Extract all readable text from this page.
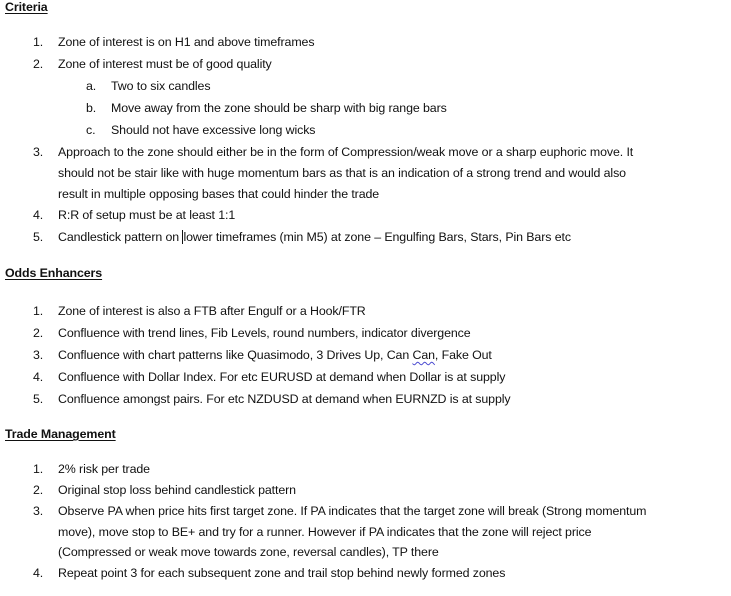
Criteria
1. Zone of interest is on H1 and above timeframes
2. Zone of interest must be of good quality
a. Two to six candles
b. Move away from the zone should be sharp with big range bars
c. Should not have excessive long wicks
3. Approach to the zone should either be in the form of Compression/weak move or a sharp euphoric move. It
should not be stair like with huge momentum bars as that is an indication of a strong trend and would also
result in multiple opposing bases that could hinder the trade
4. R:R of setup must be at least 1:1
5. Candlestick pattern on lower timeframes (min M5) at zone – Engulfing Bars, Stars, Pin Bars etc
Odds Enhancers
1. Zone of interest is also a FTB after Engulf or a Hook/FTR
2. Confluence with trend lines, Fib Levels, round numbers, indicator divergence
3. Confluence with chart patterns like Quasimodo, 3 Drives Up, Can Can, Fake Out
4. Confluence with Dollar Index. For etc EURUSD at demand when Dollar is at supply
5. Confluence amongst pairs. For etc NZDUSD at demand when EURNZD is at supply
Trade Management
1. 2% risk per trade
2. Original stop loss behind candlestick pattern
3. Observe PA when price hits first target zone. If PA indicates that the target zone will break (Strong momentum
move), move stop to BE+ and try for a runner. However if PA indicates that the zone will reject price
(Compressed or weak move towards zone, reversal candles), TP there
4. Repeat point 3 for each subsequent zone and trail stop behind newly formed zones
